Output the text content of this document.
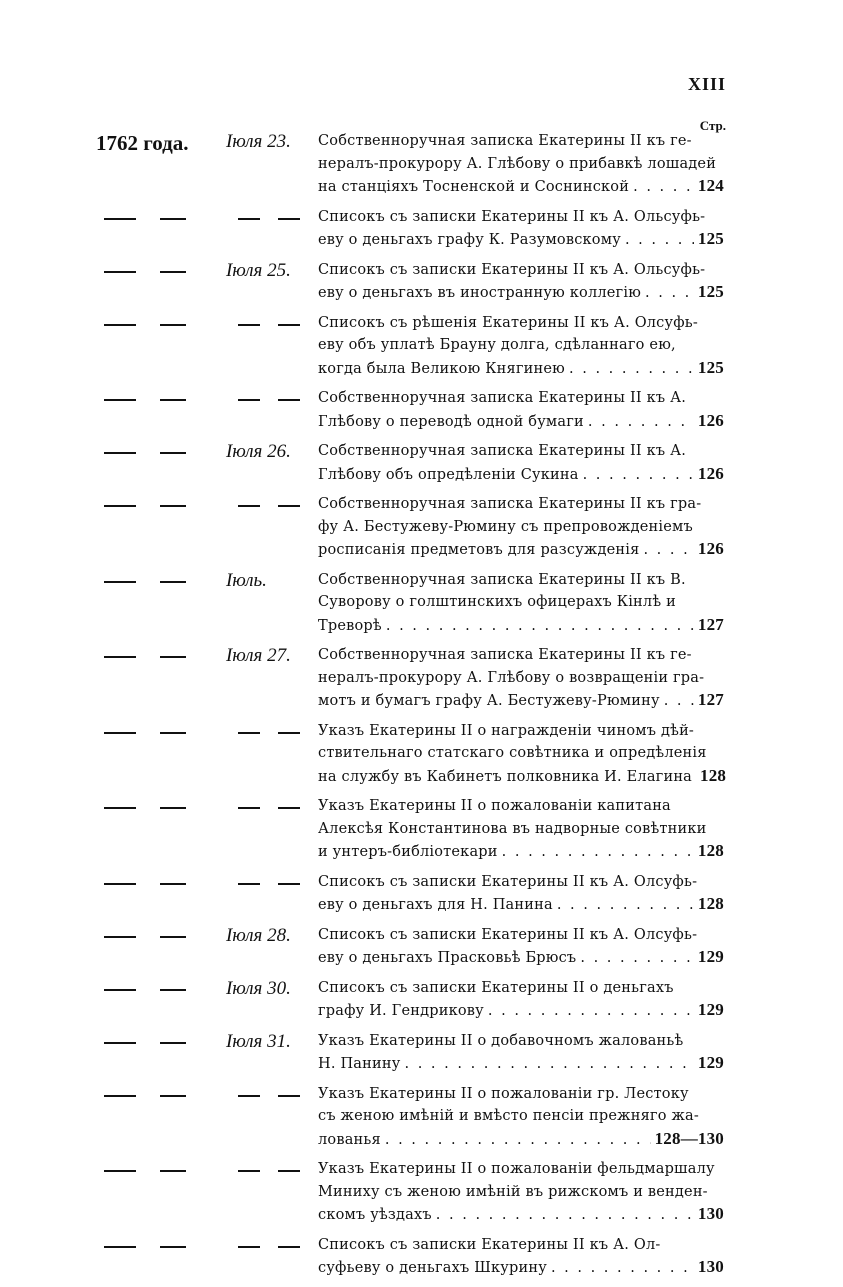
XIII
Стр.
1762 года. Іюля 23.	Собственноручная записка Екатерины II къ ге-
нералъ-прокурору А. Глѣбову о прибавкѣ лошадей
на станціяхъ Тосненской и Соснинской . . .	124
Списокъ съ записки Екатерины II къ А. Ольсуфь-
еву о деньгахъ графу К. Разумовскому . . .	125
Іюля 25.	Списокъ съ записки Екатерины II къ А. Ольсуфь-
еву о деньгахъ въ иностранную коллегію . . .	125
Списокъ съ рѣшенія Екатерины II къ А. Олсуфь-
еву объ уплатѣ Брауну долга, сдѣланнаго ею,
когда была Великою Княгинею . . .	125
Собственноручная записка Екатерины II къ А.
Глѣбову о переводѣ одной бумаги . . .	126
Іюля 26.	Собственноручная записка Екатерины II къ А.
Глѣбову объ опредѣленіи Сукина . . .	126
Собственноручная записка Екатерины II къ гра-
фу А. Бестужеву-Рюмину съ препровожденіемъ
росписанія предметовъ для разсужденія . . .	126
Іюль.	Собственноручная записка Екатерины II къ В.
Суворову о голштинскихъ офицерахъ Кінлѣ и
Треворѣ . . .	127
Іюля 27.	Собственноручная записка Екатерины II къ ге-
нералъ-прокурору А. Глѣбову о возвращеніи гра-
мотъ и бумагъ графу А. Бестужеву-Рюмину . . . 127
Указъ Екатерины II о награжденіи чиномъ дѣй-
ствительнаго статскаго совѣтника и опредѣленія
на службу въ Кабинетъ полковника И. Елагина 128
Указъ Екатерины II о пожалованіи капитана
Алексѣя Константинова въ надворные совѣтники
и унтеръ-библіотекари . . .	128
Списокъ съ записки Екатерины II къ А. Олсуфь-
еву о деньгахъ для Н. Панина . . .	128
Іюля 28.	Списокъ съ записки Екатерины II къ А. Олсуфь-
еву о деньгахъ Прасковьѣ Брюсъ . . .	129
Іюля 30.	Списокъ съ записки Екатерины II о деньгахъ
графу И. Гендрикову . . .	129
Іюля 31.	Указъ Екатерины II о добавочномъ жалованьѣ
Н. Панину . . .	129
Указъ Екатерины II о пожалованіи гр. Лестоку
съ женою имѣній и вмѣсто пенсіи прежняго жа-
лованья . . .	128—130
Указъ Екатерины II о пожалованіи фельдмаршалу
Миниху съ женою имѣній въ рижскомъ и венден-
скомъ уѣздахъ . . .	130
Списокъ съ записки Екатерины II къ А. Ол-
суфьеву о деньгахъ Шкурину . . .	130
